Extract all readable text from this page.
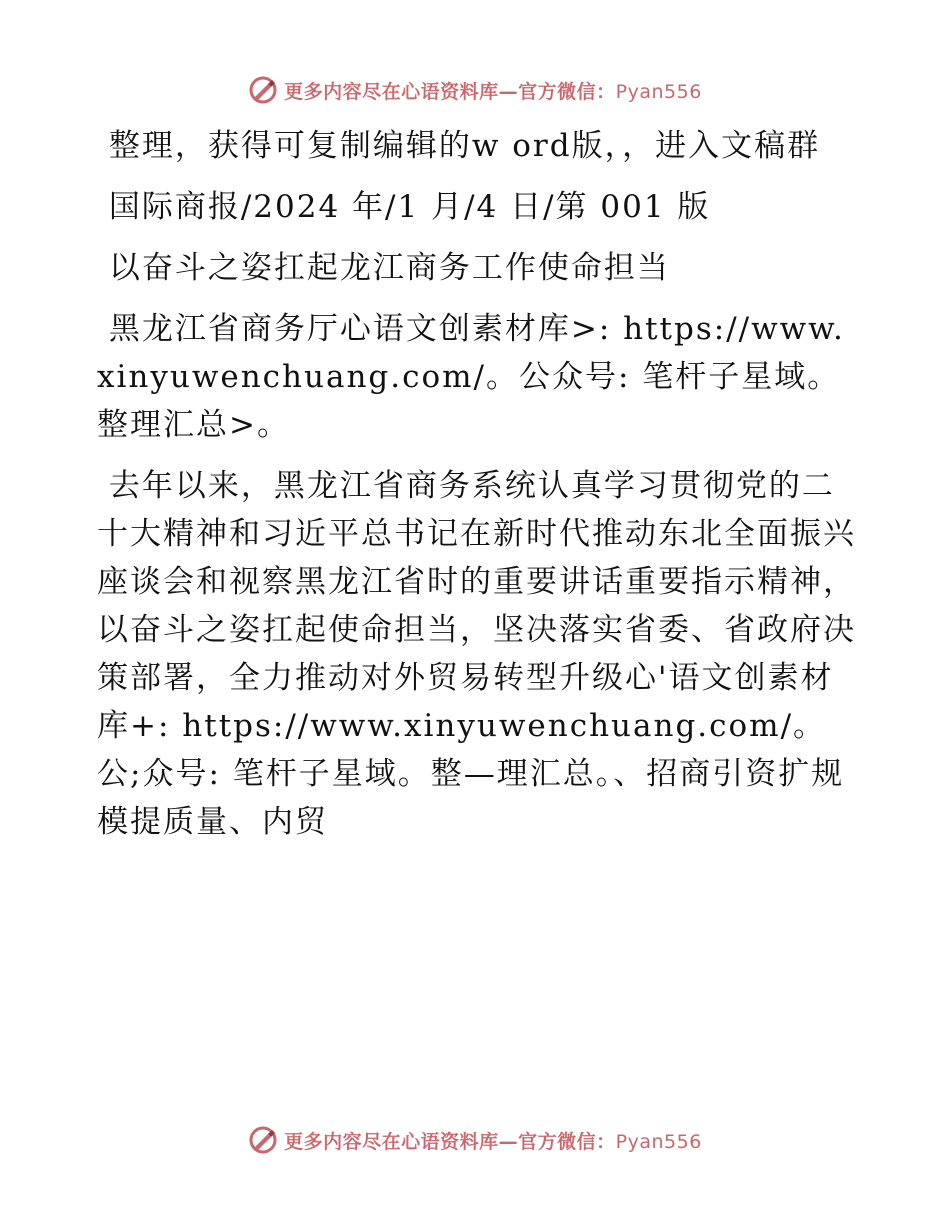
更多内容尽在心语资料库—官方微信：Pyan556

整理，获得可复制编辑的w ord版，，进入文稿群

国际商报/2024 年/1 月/4 日/第 001 版

以奋斗之姿扛起龙江商务工作使命担当

黑龙江省商务厅心语文创素材库>: https://www.xinyuwenchuang.com/。公众号: 笔杆子星域。整理汇总>。

去年以来，黑龙江省商务系统认真学习贯彻党的二十大精神和习近平总书记在新时代推动东北全面振兴座谈会和视察黑龙江省时的重要讲话重要指示精神，以奋斗之姿扛起使命担当，坚决落实省委、省政府决策部署，全力推动对外贸易转型升级心'语文创素材库+: https://www.xinyuwenchuang.com/。公;众号: 笔杆子星域。整—理汇总。、招商引资扩规模提质量、内贸

更多内容尽在心语资料库—官方微信：Pyan556
